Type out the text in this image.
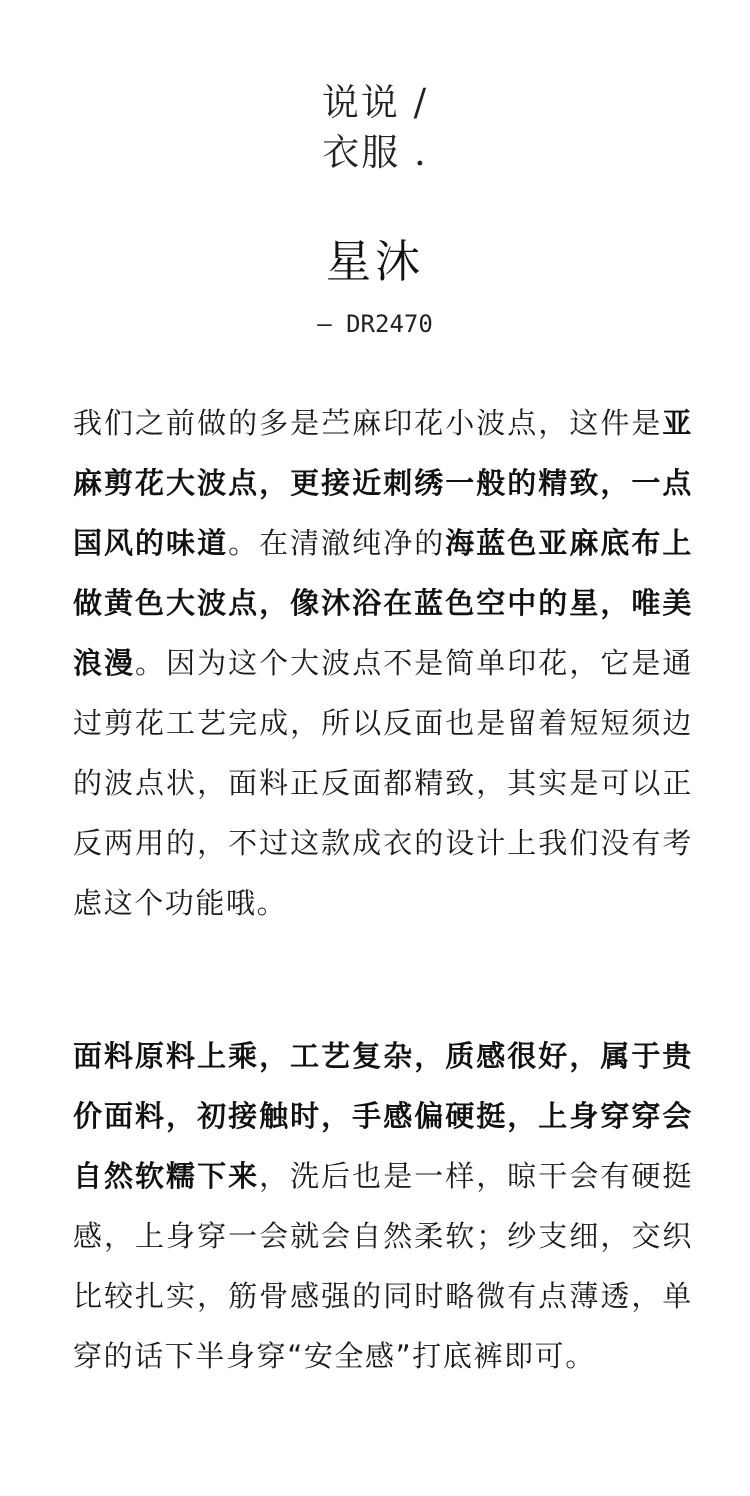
说说 /
衣服 .
星沐
— DR2470
我们之前做的多是苎麻印花小波点，这件是亚麻剪花大波点，更接近刺绣一般的精致，一点国风的味道。在清澈纯净的海蓝色亚麻底布上做黄色大波点，像沐浴在蓝色空中的星，唯美浪漫。因为这个大波点不是简单印花，它是通过剪花工艺完成，所以反面也是留着短短须边的波点状，面料正反面都精致，其实是可以正反两用的，不过这款成衣的设计上我们没有考虑这个功能哦。
面料原料上乘，工艺复杂，质感很好，属于贵价面料，初接触时，手感偏硬挺，上身穿穿会自然软糯下来，洗后也是一样，晾干会有硬挺感，上身穿一会就会自然柔软；纱支细，交织比较扎实，筋骨感强的同时略微有点薄透，单穿的话下半身穿“安全感”打底裤即可。
